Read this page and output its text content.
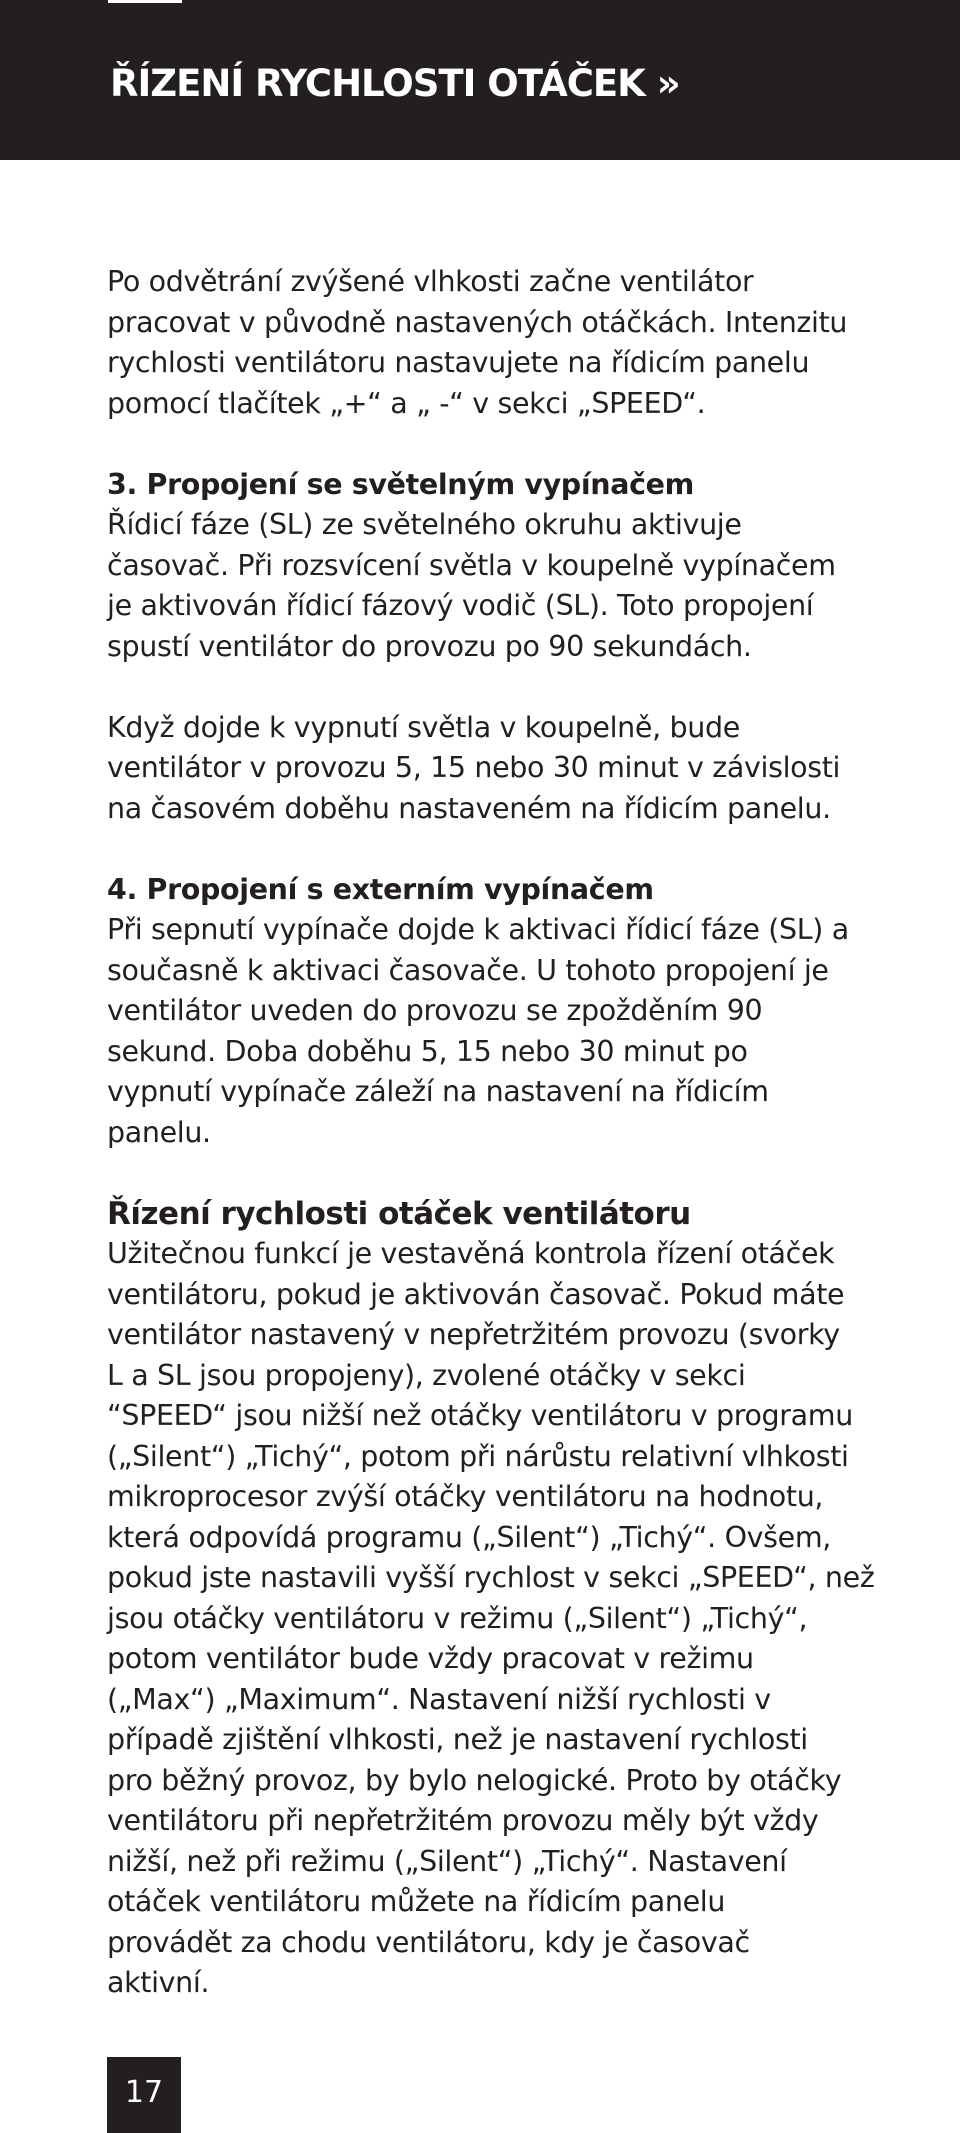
ŘÍZENÍ RYCHLOSTI OTÁČEK »

Po odvětrání zvýšené vlhkosti začne ventilátor
pracovat v původně nastavených otáčkách. Intenzitu
rychlosti ventilátoru nastavujete na řídicím panelu
pomocí tlačítek „+“ a „ -“ v sekci „SPEED“.

3. Propojení se světelným vypínačem
Řídicí fáze (SL) ze světelného okruhu aktivuje
časovač. Při rozsvícení světla v koupelně vypínačem
je aktivován řídicí fázový vodič (SL). Toto propojení
spustí ventilátor do provozu po 90 sekundách.

Když dojde k vypnutí světla v koupelně, bude
ventilátor v provozu 5, 15 nebo 30 minut v závislosti
na časovém doběhu nastaveném na řídicím panelu.

4. Propojení s externím vypínačem
Při sepnutí vypínače dojde k aktivaci řídicí fáze (SL) a
současně k aktivaci časovače. U tohoto propojení je
ventilátor uveden do provozu se zpožděním 90
sekund. Doba doběhu 5, 15 nebo 30 minut po
vypnutí vypínače záleží na nastavení na řídicím
panelu.

Řízení rychlosti otáček ventilátoru

Užitečnou funkcí je vestavěná kontrola řízení otáček
ventilátoru, pokud je aktivován časovač. Pokud máte
ventilátor nastavený v nepřetržitém provozu (svorky
L a SL jsou propojeny), zvolené otáčky v sekci
“SPEED“ jsou nižší než otáčky ventilátoru v programu
(„Silent“) „Tichý“, potom při nárůstu relativní vlhkosti
mikroprocesor zvýší otáčky ventilátoru na hodnotu,
která odpovídá programu („Silent“) „Tichý“. Ovšem,
pokud jste nastavili vyšší rychlost v sekci „SPEED“, než
jsou otáčky ventilátoru v režimu („Silent“) „Tichý“,
potom ventilátor bude vždy pracovat v režimu
(„Max“) „Maximum“. Nastavení nižší rychlosti v
případě zjištění vlhkosti, než je nastavení rychlosti
pro běžný provoz, by bylo nelogické. Proto by otáčky
ventilátoru při nepřetržitém provozu měly být vždy
nižší, než při režimu („Silent“) „Tichý“. Nastavení
otáček ventilátoru můžete na řídicím panelu
provádět za chodu ventilátoru, kdy je časovač
aktivní.

17
